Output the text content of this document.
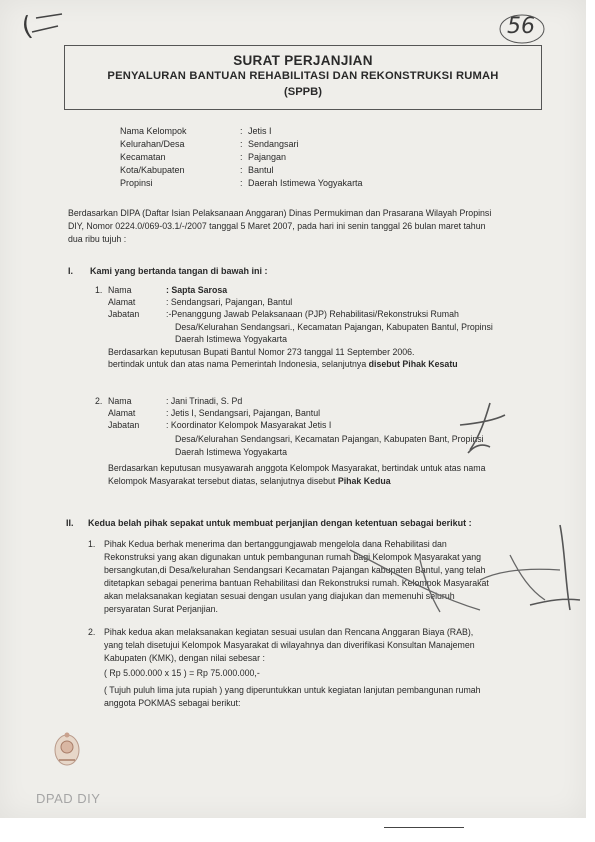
(	56
SURAT PERJANJIAN
PENYALURAN BANTUAN REHABILITASI DAN REKONSTRUKSI RUMAH
(SPPB)
Nama Kelompok	: Jetis I
Kelurahan/Desa	: Sendangsari
Kecamatan	: Pajangan
Kota/Kabupaten	: Bantul
Propinsi	: Daerah Istimewa Yogyakarta
Berdasarkan DIPA (Daftar Isian Pelaksanaan Anggaran) Dinas Permukiman dan Prasarana Wilayah Propinsi
DIY, Nomor 0224.0/069-03.1/-/2007 tanggal 5 Maret 2007, pada hari ini senin tanggal 26 bulan maret tahun
dua ribu tujuh :
I. Kami yang bertanda tangan di bawah ini :
1. Nama	: Sapta Sarosa
Alamat	: Sendangsari, Pajangan, Bantul
Jabatan	:-Penanggung Jawab Pelaksanaan (PJP) Rehabilitasi/Rekonstruksi Rumah
Desa/Kelurahan Sendangsari., Kecamatan Pajangan, Kabupaten Bantul, Propinsi
Daerah Istimewa Yogyakarta
Berdasarkan keputusan Bupati Bantul Nomor 273 tanggal 11 September 2006.
bertindak untuk dan atas nama Pemerintah Indonesia, selanjutnya disebut Pihak Kesatu
2. Nama	: Jani Trinadi, S. Pd
Alamat	: Jetis I, Sendangsari, Pajangan, Bantul
Jabatan	: Koordinator Kelompok Masyarakat Jetis I
Desa/Kelurahan Sendangsari, Kecamatan Pajangan, Kabupaten Bant, Propinsi
Daerah Istimewa Yogyakarta
Berdasarkan keputusan musyawarah anggota Kelompok Masyarakat, bertindak untuk atas nama
Kelompok Masyarakat tersebut diatas, selanjutnya disebut Pihak Kedua
II. Kedua belah pihak sepakat untuk membuat perjanjian dengan ketentuan sebagai berikut :
1. Pihak Kedua berhak menerima dan bertanggungjawab mengelola dana Rehabilitasi dan
Rekonstruksi yang akan digunakan untuk pembangunan rumah bagi Kelompok Masyarakat yang
bersangkutan,di Desa/kelurahan Sendangsari Kecamatan Pajangan kabupaten Bantul, yang telah
ditetapkan sebagai penerima bantuan Rehabilitasi dan Rekonstruksi rumah. Kelompok Masyarakat
akan melaksanakan kegiatan sesuai dengan usulan yang diajukan dan memenuhi seluruh
persyaratan Surat Perjanjian.
2. Pihak kedua akan melaksanakan kegiatan sesuai usulan dan Rencana Anggaran Biaya (RAB),
yang telah disetujui Kelompok Masyarakat di wilayahnya dan diverifikasi Konsultan Manajemen
Kabupaten (KMK), dengan nilai sebesar :
( Rp 5.000.000 x 15 ) = Rp 75.000.000,-
( Tujuh puluh lima juta rupiah ) yang diperuntukkan untuk kegiatan lanjutan pembangunan rumah
anggota POKMAS sebagai berikut:
DPAD DIY
